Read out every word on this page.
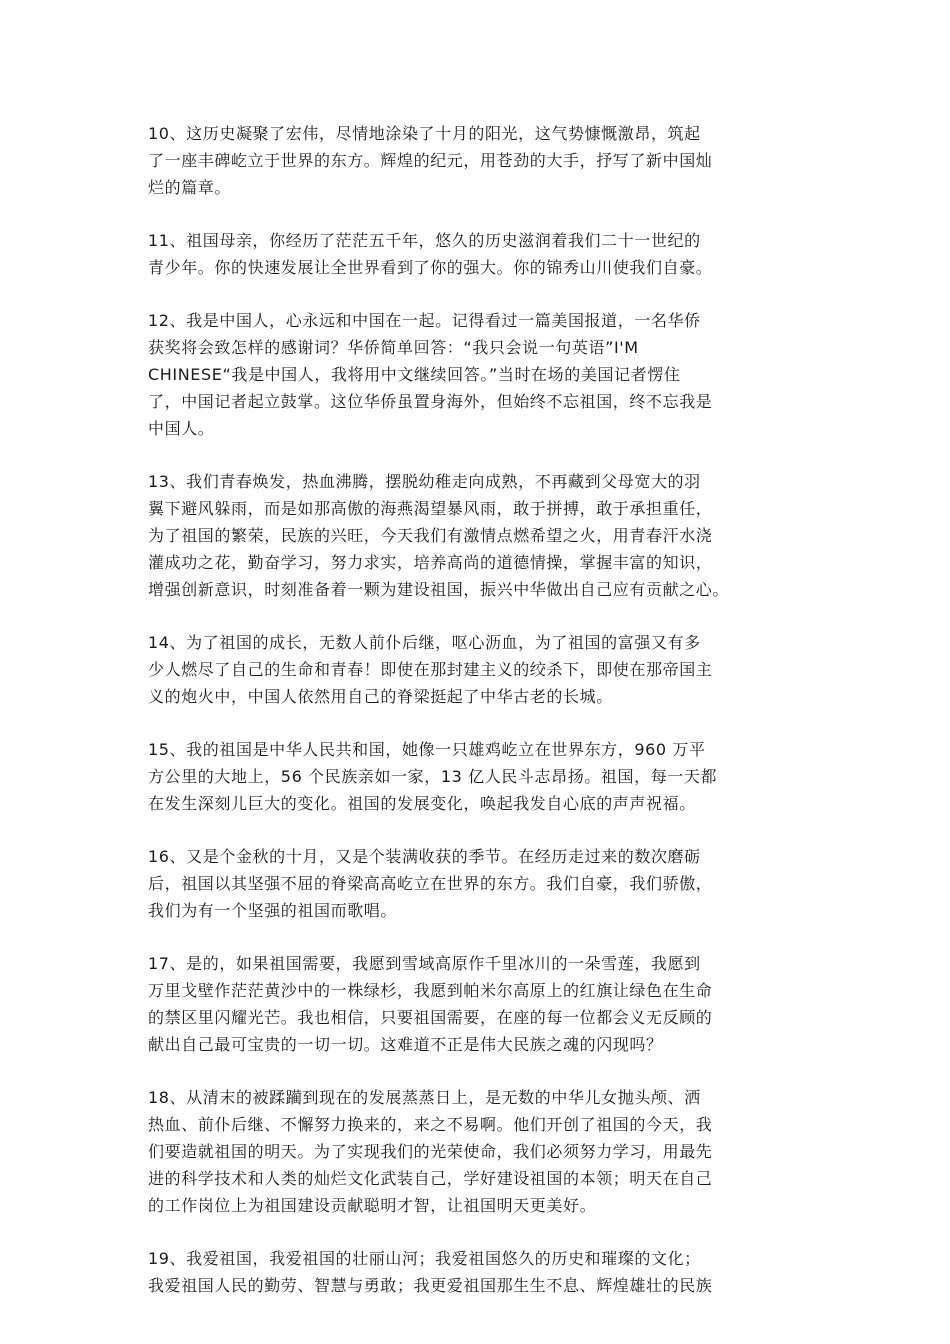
10、这历史凝聚了宏伟，尽情地涂染了十月的阳光，这气势慷慨激昂，筑起
了一座丰碑屹立于世界的东方。辉煌的纪元，用苍劲的大手，抒写了新中国灿
烂的篇章。

11、祖国母亲，你经历了茫茫五千年，悠久的历史滋润着我们二十一世纪的
青少年。你的快速发展让全世界看到了你的强大。你的锦秀山川使我们自豪。

12、我是中国人，心永远和中国在一起。记得看过一篇美国报道，一名华侨
获奖将会致怎样的感谢词？华侨简单回答：“我只会说一句英语”I'M
CHINESE“我是中国人，我将用中文继续回答。”当时在场的美国记者愣住
了，中国记者起立鼓掌。这位华侨虽置身海外，但始终不忘祖国，终不忘我是
中国人。

13、我们青春焕发，热血沸腾，摆脱幼稚走向成熟，不再藏到父母宽大的羽
翼下避风躲雨，而是如那高傲的海燕渴望暴风雨，敢于拼搏，敢于承担重任，
为了祖国的繁荣，民族的兴旺，今天我们有激情点燃希望之火，用青春汗水浇
灌成功之花，勤奋学习，努力求实，培养高尚的道德情操，掌握丰富的知识，
增强创新意识，时刻准备着一颗为建设祖国，振兴中华做出自己应有贡献之心。

14、为了祖国的成长，无数人前仆后继，呕心沥血，为了祖国的富强又有多
少人燃尽了自己的生命和青春！即使在那封建主义的绞杀下，即使在那帝国主
义的炮火中，中国人依然用自己的脊梁挺起了中华古老的长城。

15、我的祖国是中华人民共和国，她像一只雄鸡屹立在世界东方，960 万平
方公里的大地上，56 个民族亲如一家，13 亿人民斗志昂扬。祖国，每一天都
在发生深刻儿巨大的变化。祖国的发展变化，唤起我发自心底的声声祝福。

16、又是个金秋的十月，又是个装满收获的季节。在经历走过来的数次磨砺
后，祖国以其坚强不屈的脊梁高高屹立在世界的东方。我们自豪，我们骄傲，
我们为有一个坚强的祖国而歌唱。

17、是的，如果祖国需要，我愿到雪域高原作千里冰川的一朵雪莲，我愿到
万里戈壁作茫茫黄沙中的一株绿杉，我愿到帕米尔高原上的红旗让绿色在生命
的禁区里闪耀光芒。我也相信，只要祖国需要，在座的每一位都会义无反顾的
献出自己最可宝贵的一切一切。这难道不正是伟大民族之魂的闪现吗？

18、从清末的被蹂躏到现在的发展蒸蒸日上，是无数的中华儿女抛头颅、洒
热血、前仆后继、不懈努力换来的，来之不易啊。他们开创了祖国的今天，我
们要造就祖国的明天。为了实现我们的光荣使命，我们必须努力学习，用最先
进的科学技术和人类的灿烂文化武装自己，学好建设祖国的本领；明天在自己
的工作岗位上为祖国建设贡献聪明才智，让祖国明天更美好。

19、我爱祖国，我爱祖国的壮丽山河；我爱祖国悠久的历史和璀璨的文化；
我爱祖国人民的勤劳、智慧与勇敢；我更爱祖国那生生不息、辉煌雄壮的民族
